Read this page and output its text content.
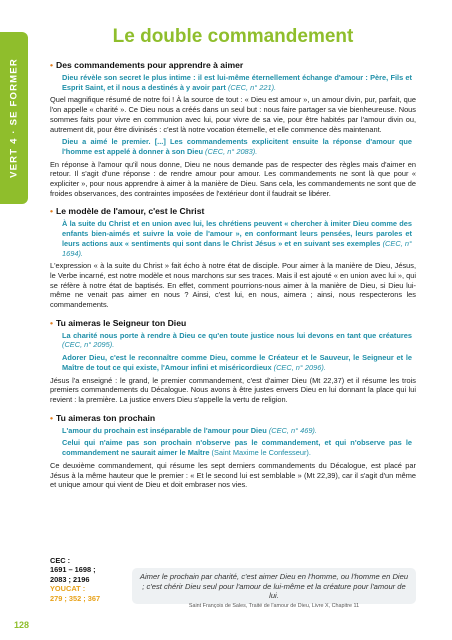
VERT 4 · SE FORMER
Le double commandement
• Des commandements pour apprendre à aimer

Dieu révèle son secret le plus intime : il est lui-même éternellement échange d'amour : Père, Fils et Esprit Saint, et il nous a destinés à y avoir part (CEC, n° 221).

Quel magnifique résumé de notre foi ! À la source de tout : « Dieu est amour », un amour divin, pur, parfait, que l'on appelle « charité ». Ce Dieu nous a créés dans un seul but : nous faire partager sa vie bienheureuse. Nous sommes faits pour vivre en communion avec lui, pour vivre de sa vie, pour être habités par l'amour divin ou, autrement dit, pour être divinisés : c'est là notre vocation éternelle, et elle commence dès maintenant.

Dieu a aimé le premier. [...] Les commandements explicitent ensuite la réponse d'amour que l'homme est appelé à donner à son Dieu (CEC, n° 2083).

En réponse à l'amour qu'il nous donne, Dieu ne nous demande pas de respecter des règles mais d'aimer en retour. Il s'agit d'une réponse : de rendre amour pour amour. Les commandements ne sont là que pour « expliciter », pour nous apprendre à aimer à la manière de Dieu. Sans cela, les commandements ne sont que de froides observances, des contraintes imposées de l'extérieur dont il faudrait se libérer.

• Le modèle de l'amour, c'est le Christ

À la suite du Christ et en union avec lui, les chrétiens peuvent « chercher à imiter Dieu comme des enfants bien-aimés et suivre la voie de l'amour », en conformant leurs pensées, leurs paroles et leurs actions aux « sentiments qui sont dans le Christ Jésus » et en suivant ses exemples (CEC, n° 1694).

L'expression « à la suite du Christ » fait écho à notre état de disciple. Pour aimer à la manière de Dieu, Jésus, le Verbe incarné, est notre modèle et nous marchons sur ses traces. Mais il est ajouté « en union avec lui », qui se réfère à notre état de baptisés. En effet, comment pourrions-nous aimer à la manière de Dieu, si Dieu lui-même ne venait pas aimer en nous ? Ainsi, c'est lui, en nous, aimera ; ainsi, nous respecterons les commandements.

• Tu aimeras le Seigneur ton Dieu

La charité nous porte à rendre à Dieu ce qu'en toute justice nous lui devons en tant que créatures (CEC, n° 2095).

Adorer Dieu, c'est le reconnaître comme Dieu, comme le Créateur et le Sauveur, le Seigneur et le Maître de tout ce qui existe, l'Amour infini et miséricordieux (CEC, n° 2096).

Jésus l'a enseigné : le grand, le premier commandement, c'est d'aimer Dieu (Mt 22,37) et il résume les trois premiers commandements du Décalogue. Nous avons à être justes envers Dieu en lui donnant la place qui lui revient : la première. La justice envers Dieu s'appelle la vertu de religion.

• Tu aimeras ton prochain

L'amour du prochain est inséparable de l'amour pour Dieu (CEC, n° 469).

Celui qui n'aime pas son prochain n'observe pas le commandement, et qui n'observe pas le commandement ne saurait aimer le Maître (Saint Maxime le Confesseur).

Ce deuxième commandement, qui résume les sept derniers commandements du Décalogue, est placé par Jésus à la même hauteur que le premier : « Et le second lui est semblable » (Mt 22,39), car il s'agit d'un même et unique amour qui vient de Dieu et doit embraser nos vies.

CEC :
1691 – 1698 ;
2083 ; 2196
YOUCAT :
279 ; 352 ; 367
Aimer le prochain par charité, c'est aimer Dieu en l'homme, ou l'homme en Dieu ; c'est chérir Dieu seul pour l'amour de lui-même et la créature pour l'amour de lui.
Saint François de Sales, Traité de l'amour de Dieu, Livre X, Chapitre 11
128
